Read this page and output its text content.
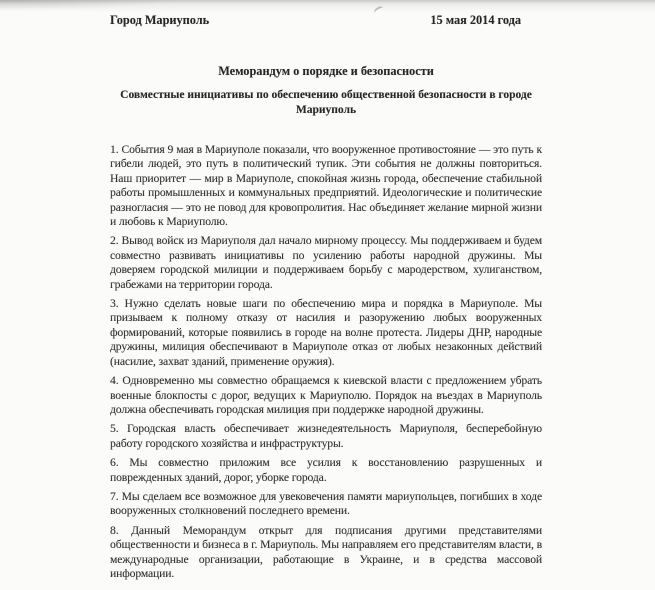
Город Мариуполь	15 мая 2014 года
Меморандум о порядке и безопасности
Совместные инициативы по обеспечению общественной безопасности в городе Мариуполь

1. События 9 мая в Мариуполе показали, что вооруженное противостояние — это путь к гибели людей, это путь в политический тупик. Эти события не должны повториться. Наш приоритет — мир в Мариуполе, спокойная жизнь города, обеспечение стабильной работы промышленных и коммунальных предприятий. Идеологические и политические разногласия — это не повод для кровопролития. Нас объединяет желание мирной жизни и любовь к Мариуполю.

2. Вывод войск из Мариуполя дал начало мирному процессу. Мы поддерживаем и будем совместно развивать инициативы по усилению работы народной дружины. Мы доверяем городской милиции и поддерживаем борьбу с мародерством, хулиганством, грабежами на территории города.

3. Нужно сделать новые шаги по обеспечению мира и порядка в Мариуполе. Мы призываем к полному отказу от насилия и разоружению любых вооруженных формирований, которые появились в городе на волне протеста. Лидеры ДНР, народные дружины, милиция обеспечивают в Мариуполе отказ от любых незаконных действий (насилие, захват зданий, применение оружия).

4. Одновременно мы совместно обращаемся к киевской власти с предложением убрать военные блокпосты с дорог, ведущих к Мариуполю. Порядок на въездах в Мариуполь должна обеспечивать городская милиция при поддержке народной дружины.

5. Городская власть обеспечивает жизнедеятельность Мариуполя, бесперебойную работу городского хозяйства и инфраструктуры.

6. Мы совместно приложим все усилия к восстановлению разрушенных и поврежденных зданий, дорог, уборке города.

7. Мы сделаем все возможное для увековечения памяти мариупольцев, погибших в ходе вооруженных столкновений последнего времени.

8. Данный Меморандум открыт для подписания другими представителями общественности и бизнеса в г. Мариуполь. Мы направляем его представителям власти, в международные организации, работающие в Украине, и в средства массовой информации.
